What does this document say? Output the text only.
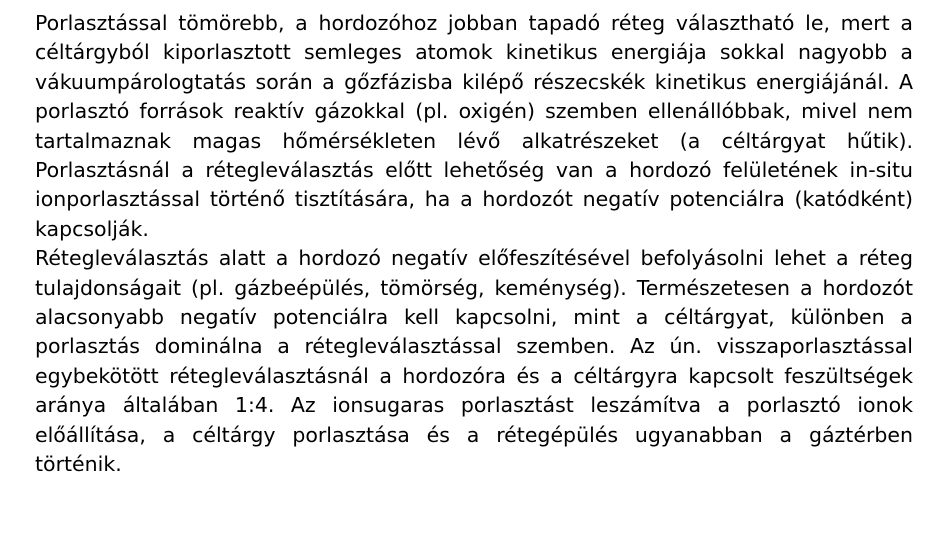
Porlasztással tömörebb, a hordozóhoz jobban tapadó réteg választható le, mert a céltárgyból kiporlasztott semleges atomok kinetikus energiája sokkal nagyobb a vákuumpárologtatás során a gőzfázisba kilépő részecskék kinetikus energiájánál. A porlasztó források reaktív gázokkal (pl. oxigén) szemben ellenállóbbak, mivel nem tartalmaznak magas hőmérsékleten lévő alkatrészeket (a céltárgyat hűtik). Porlasztásnál a rétegleválasztás előtt lehetőség van a hordozó felületének in-situ ionporlasztással történő tisztítására, ha a hordozót negatív potenciálra (katódként) kapcsolják.

Rétegleválasztás alatt a hordozó negatív előfeszítésével befolyásolni lehet a réteg tulajdonságait (pl. gázbeépülés, tömörség, keménység). Természetesen a hordozót alacsonyabb negatív potenciálra kell kapcsolni, mint a céltárgyat, különben a porlasztás dominálna a rétegleválasztással szemben. Az ún. visszaporlasztással egybekötött rétegleválasztásnál a hordozóra és a céltárgyra kapcsolt feszültségek aránya általában 1:4. Az ionsugaras porlasztást leszámítva a porlasztó ionok előállítása, a céltárgy porlasztása és a rétegépülés ugyanabban a gáztérben történik.
